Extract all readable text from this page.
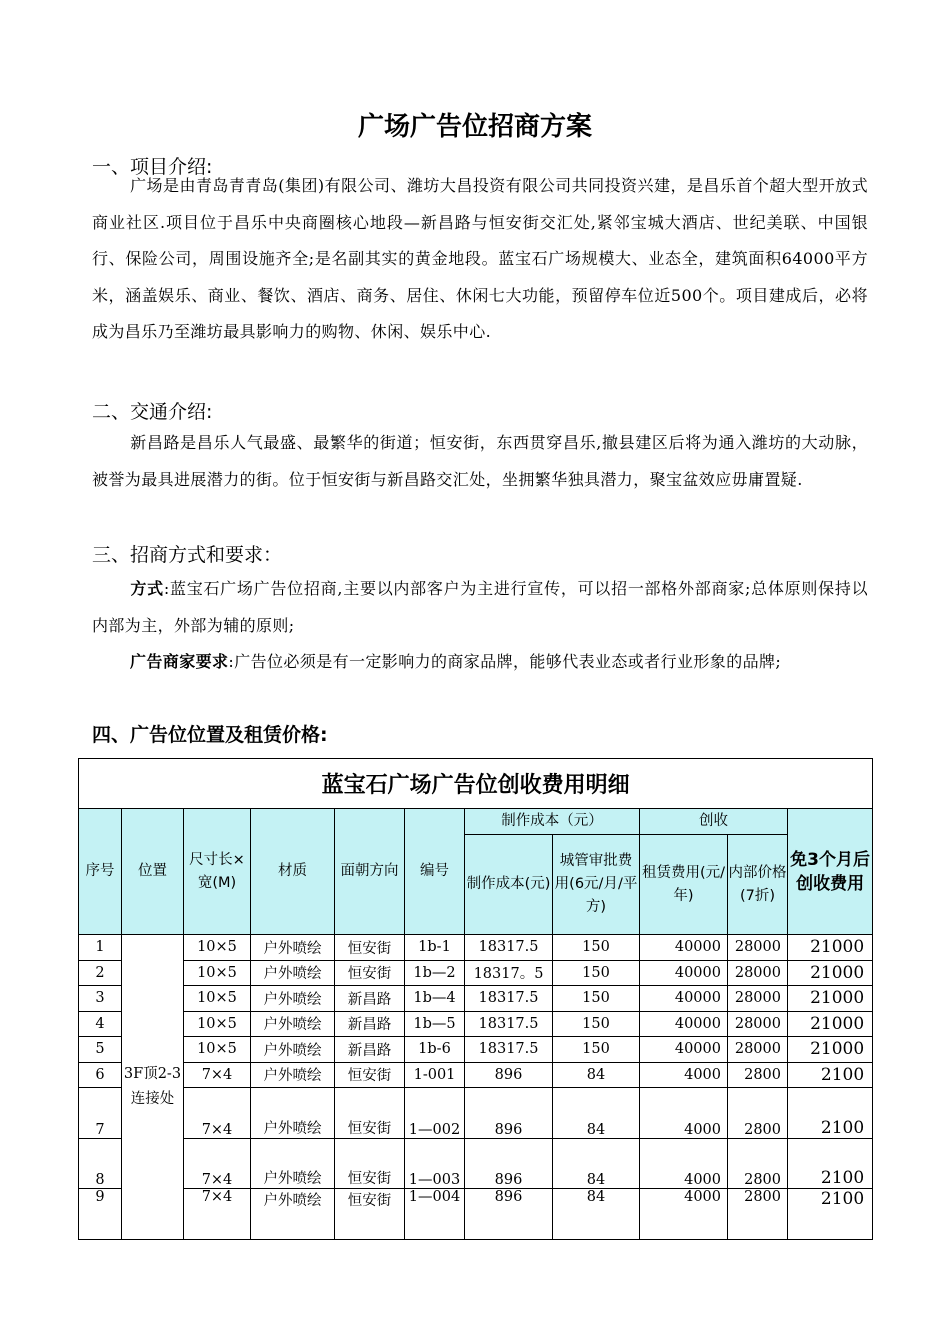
广场广告位招商方案
一、项目介绍:
广场是由青岛青青岛(集团)有限公司、潍坊大昌投资有限公司共同投资兴建，是昌乐首个超大型开放式商业社区.项目位于昌乐中央商圈核心地段—新昌路与恒安街交汇处,紧邻宝城大酒店、世纪美联、中国银行、保险公司，周围设施齐全;是名副其实的黄金地段。蓝宝石广场规模大、业态全，建筑面积64000平方米，涵盖娱乐、商业、餐饮、酒店、商务、居住、休闲七大功能，预留停车位近500个。项目建成后，必将成为昌乐乃至潍坊最具影响力的购物、休闲、娱乐中心.
二、交通介绍:
新昌路是昌乐人气最盛、最繁华的街道；恒安街，东西贯穿昌乐,撤县建区后将为通入潍坊的大动脉，被誉为最具进展潜力的街。位于恒安街与新昌路交汇处，坐拥繁华独具潜力，聚宝盆效应毋庸置疑.
三、招商方式和要求：
方式:蓝宝石广场广告位招商,主要以内部客户为主进行宣传，可以招一部格外部商家;总体原则保持以内部为主，外部为辅的原则;
广告商家要求:广告位必须是有一定影响力的商家品牌，能够代表业态或者行业形象的品牌;
四、广告位位置及租赁价格:
蓝宝石广场广告位创收费用明细										
序号	位置	尺寸长×宽(M)	材质	面朝方向	编号	制作成本（元）		创收		免3个月后创收费用
						制作成本(元)	城管审批费用(6元/月/平方)	租赁费用(元/年)	内部价格(7折)	
1	3F顶2-3连接处	10×5	户外喷绘	恒安街	1b-1	18317.5	150	40000	28000	21000
2		10×5	户外喷绘	恒安街	1b—2	18317。5	150	40000	28000	21000
3		10×5	户外喷绘	新昌路	1b—4	18317.5	150	40000	28000	21000
4		10×5	户外喷绘	新昌路	1b—5	18317.5	150	40000	28000	21000
5		10×5	户外喷绘	新昌路	1b-6	18317.5	150	40000	28000	21000
6		7×4	户外喷绘	恒安街	1-001	896	84	4000	2800	2100
7		7×4	户外喷绘	恒安街	1—002	896	84	4000	2800	2100
8		7×4	户外喷绘	恒安街	1—003	896	84	4000	2800	2100
9		7×4	户外喷绘	恒安街	1—004	896	84	4000	2800	2100
